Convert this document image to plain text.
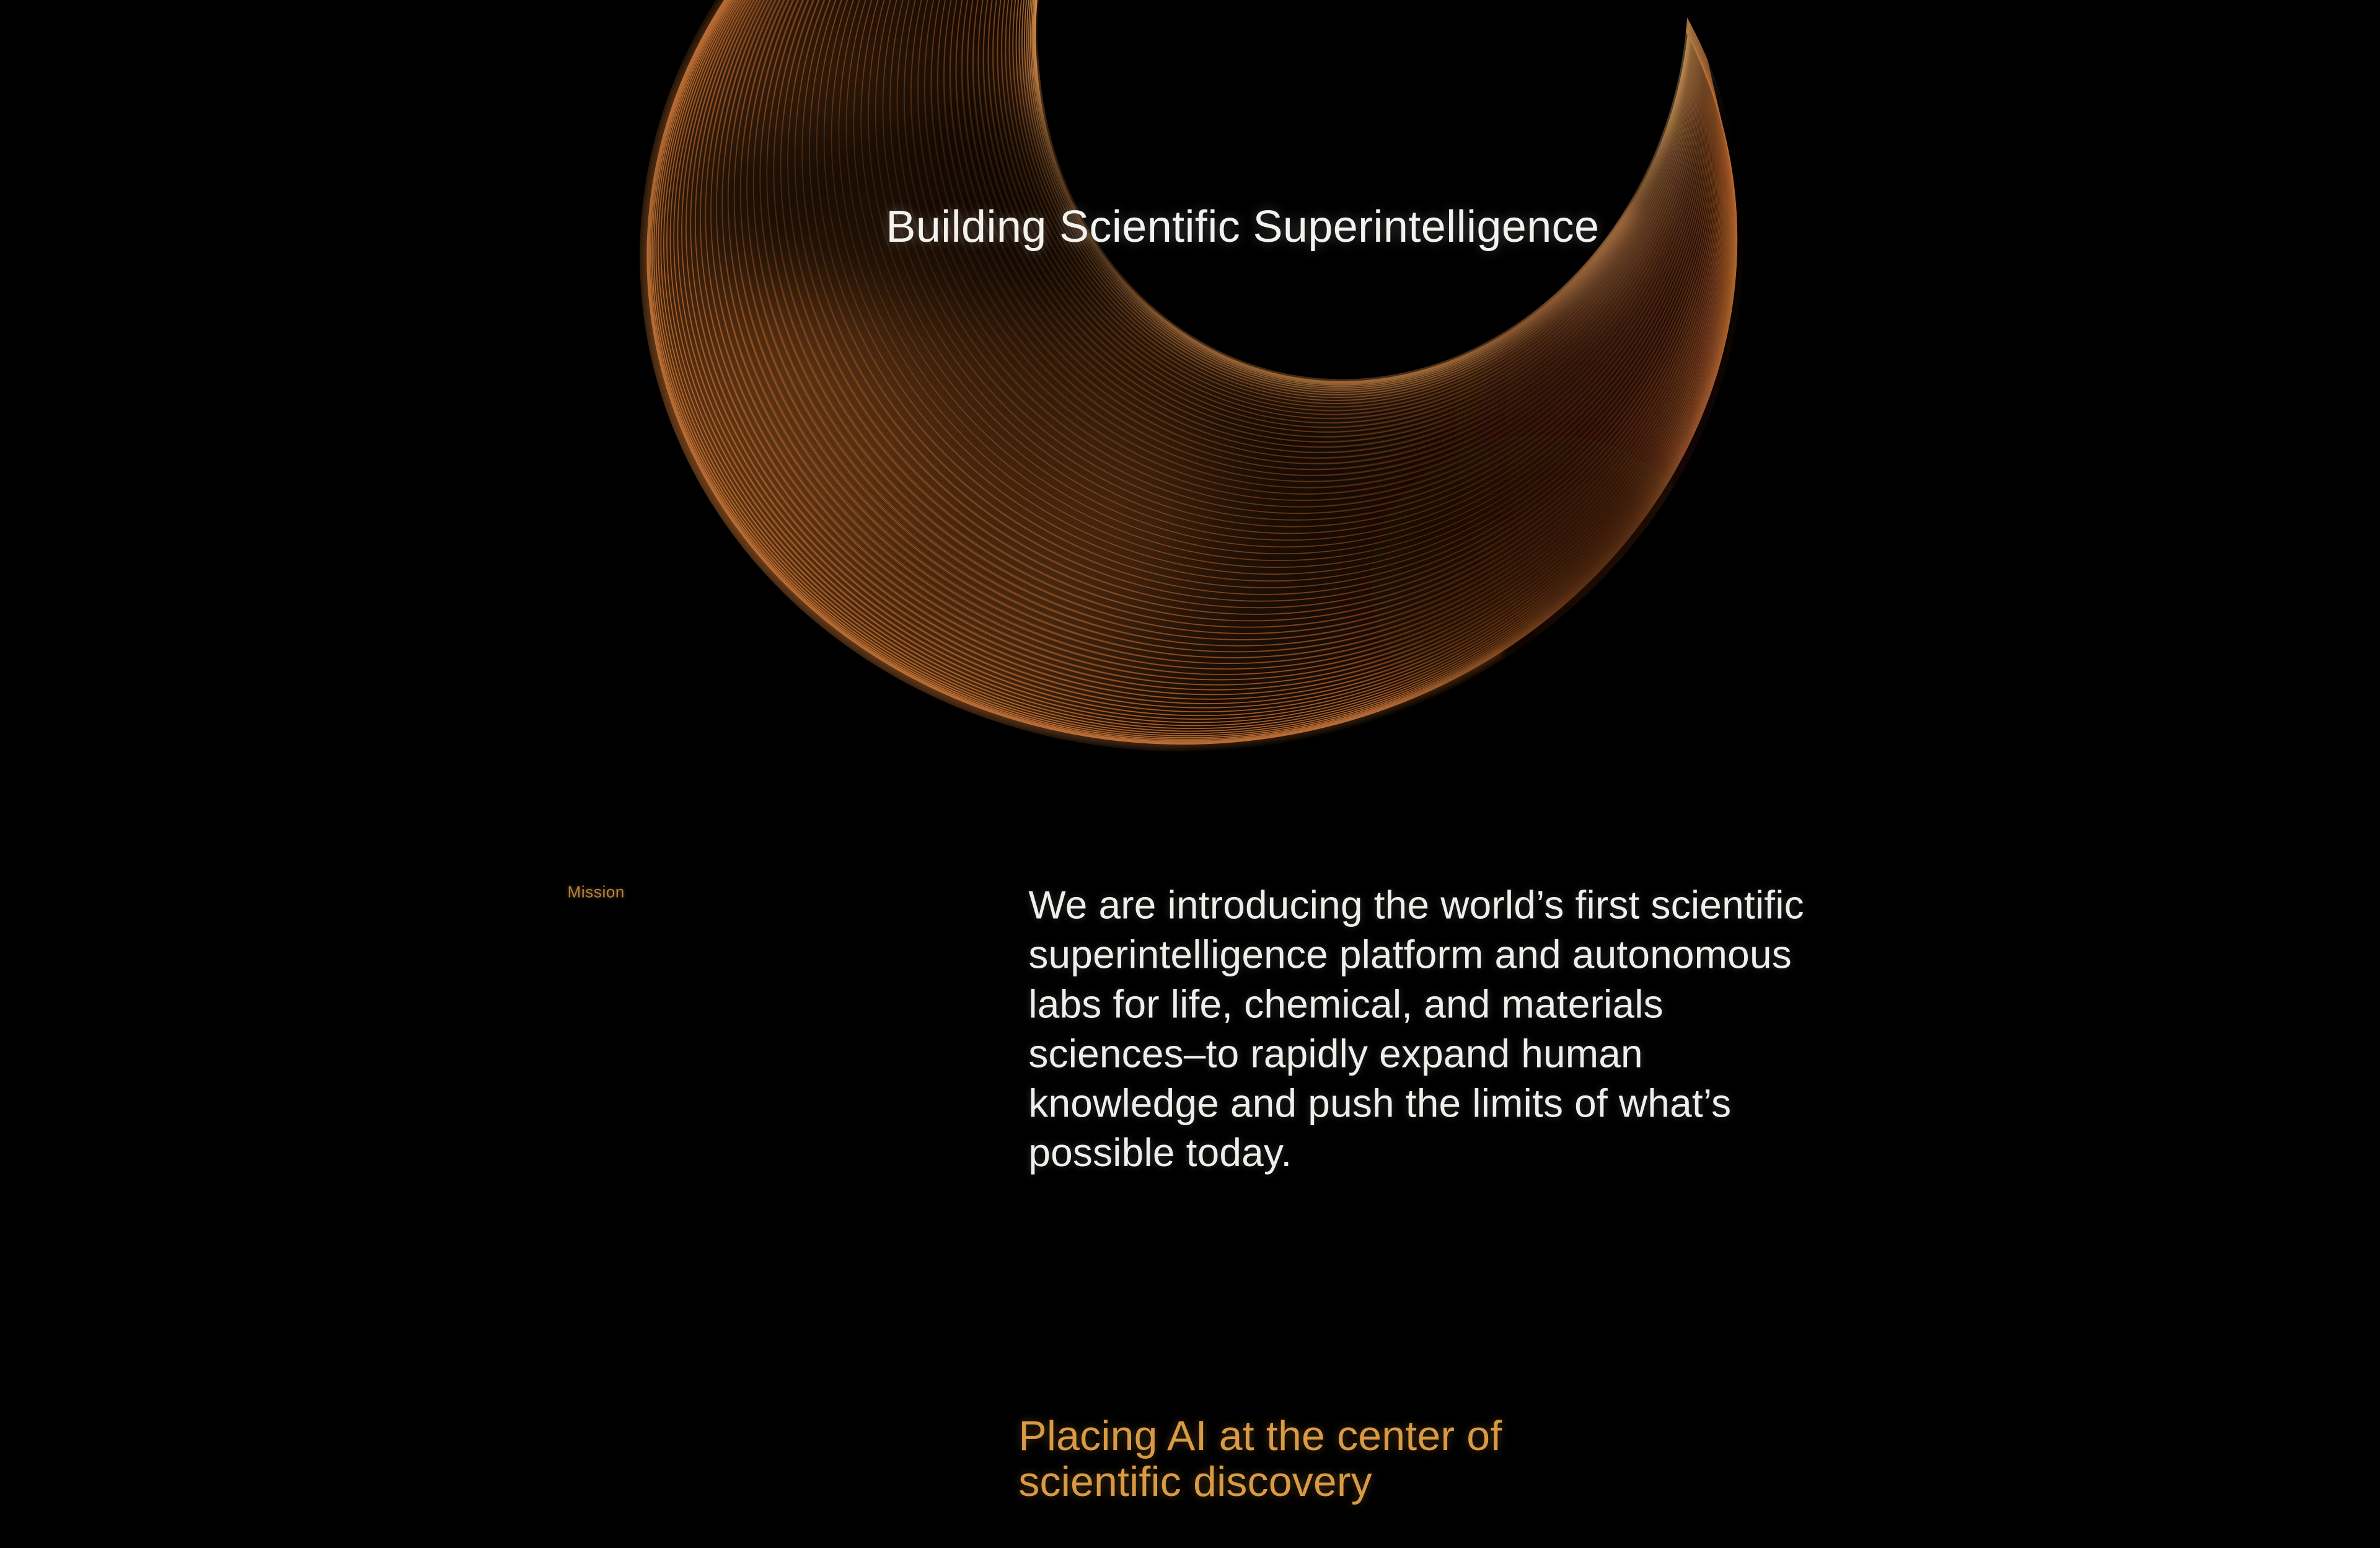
Building Scientific Superintelligence
Mission	We are introducing the world’s first scientific
superintelligence platform and autonomous
labs for life, chemical, and materials
sciences–to rapidly expand human
knowledge and push the limits of what’s
possible today.
Placing AI at the center of
scientific discovery
